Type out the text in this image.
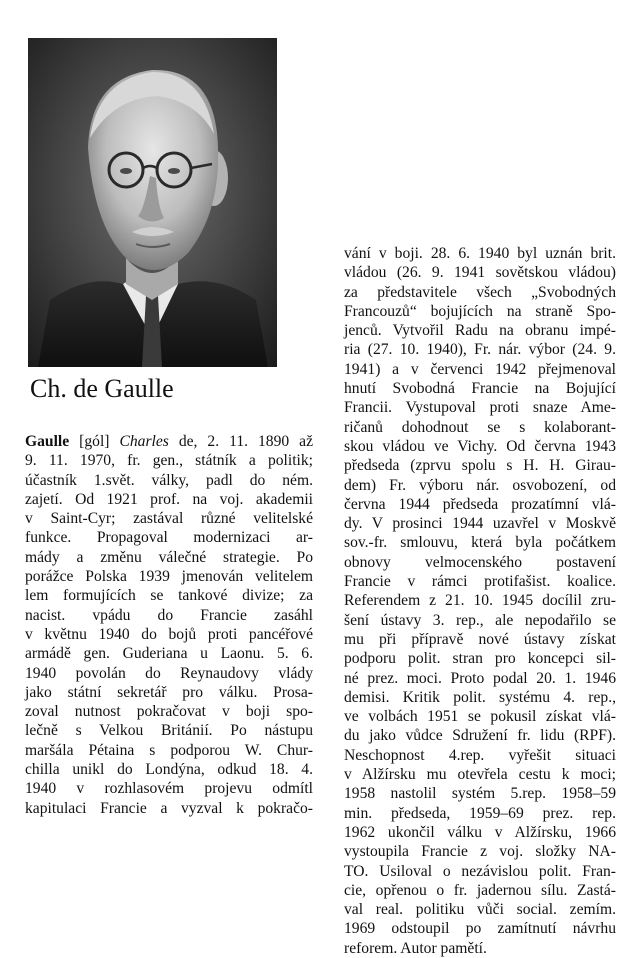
Ch. de Gaulle
Gaulle [gól] Charles de, 2. 11. 1890 až
9. 11. 1970, fr. gen., státník a politik;
účastník 1.svět. války, padl do ném.
zajetí. Od 1921 prof. na voj. akademii
v Saint-Cyr; zastával různé velitelské
funkce. Propagoval modernizaci ar-
mády a změnu válečné strategie. Po
porážce Polska 1939 jmenován velitelem
lem formujících se tankové divize; za
nacist. vpádu do Francie zasáhl
v květnu 1940 do bojů proti pancéřové
armádě gen. Guderiana u Laonu. 5. 6.
1940 povolán do Reynaudovy vlády
jako státní sekretář pro válku. Prosa-
zoval nutnost pokračovat v boji spo-
lečně s Velkou Británií. Po nástupu
maršála Pétaina s podporou W. Chur-
chilla unikl do Londýna, odkud 18. 4.
1940 v rozhlasovém projevu odmítl
kapitulaci Francie a vyzval k pokračo-
vání v boji. 28. 6. 1940 byl uznán brit.
vládou (26. 9. 1941 sovětskou vládou)
za představitele všech „Svobodných
Francouzů“ bojujících na straně Spo-
jenců. Vytvořil Radu na obranu impé-
ria (27. 10. 1940), Fr. nár. výbor (24. 9.
1941) a v červenci 1942 přejmenoval
hnutí Svobodná Francie na Bojující
Francii. Vystupoval proti snaze Ame-
ričanů dohodnout se s kolaborant-
skou vládou ve Vichy. Od června 1943
předseda (zprvu spolu s H. H. Girau-
dem) Fr. výboru nár. osvobození, od
června 1944 předseda prozatímní vlá-
dy. V prosinci 1944 uzavřel v Moskvě
sov.-fr. smlouvu, která byla počátkem
obnovy velmocenského postavení
Francie v rámci protifašist. koalice.
Referendem z 21. 10. 1945 docílil zru-
šení ústavy 3. rep., ale nepodařilo se
mu při přípravě nové ústavy získat
podporu polit. stran pro koncepci sil-
né prez. moci. Proto podal 20. 1. 1946
demisi. Kritik polit. systému 4. rep.,
ve volbách 1951 se pokusil získat vlá-
du jako vůdce Sdružení fr. lidu (RPF).
Neschopnost 4.rep. vyřešit situaci
v Alžírsku mu otevřela cestu k moci;
1958 nastolil systém 5.rep. 1958–59
min. předseda, 1959–69 prez. rep.
1962 ukončil válku v Alžírsku, 1966
vystoupila Francie z voj. složky NA-
TO. Usiloval o nezávislou polit. Fran-
cie, opřenou o fr. jadernou sílu. Zastá-
val real. politiku vůči social. zemím.
1969 odstoupil po zamítnutí návrhu
reforem. Autor pamětí.
